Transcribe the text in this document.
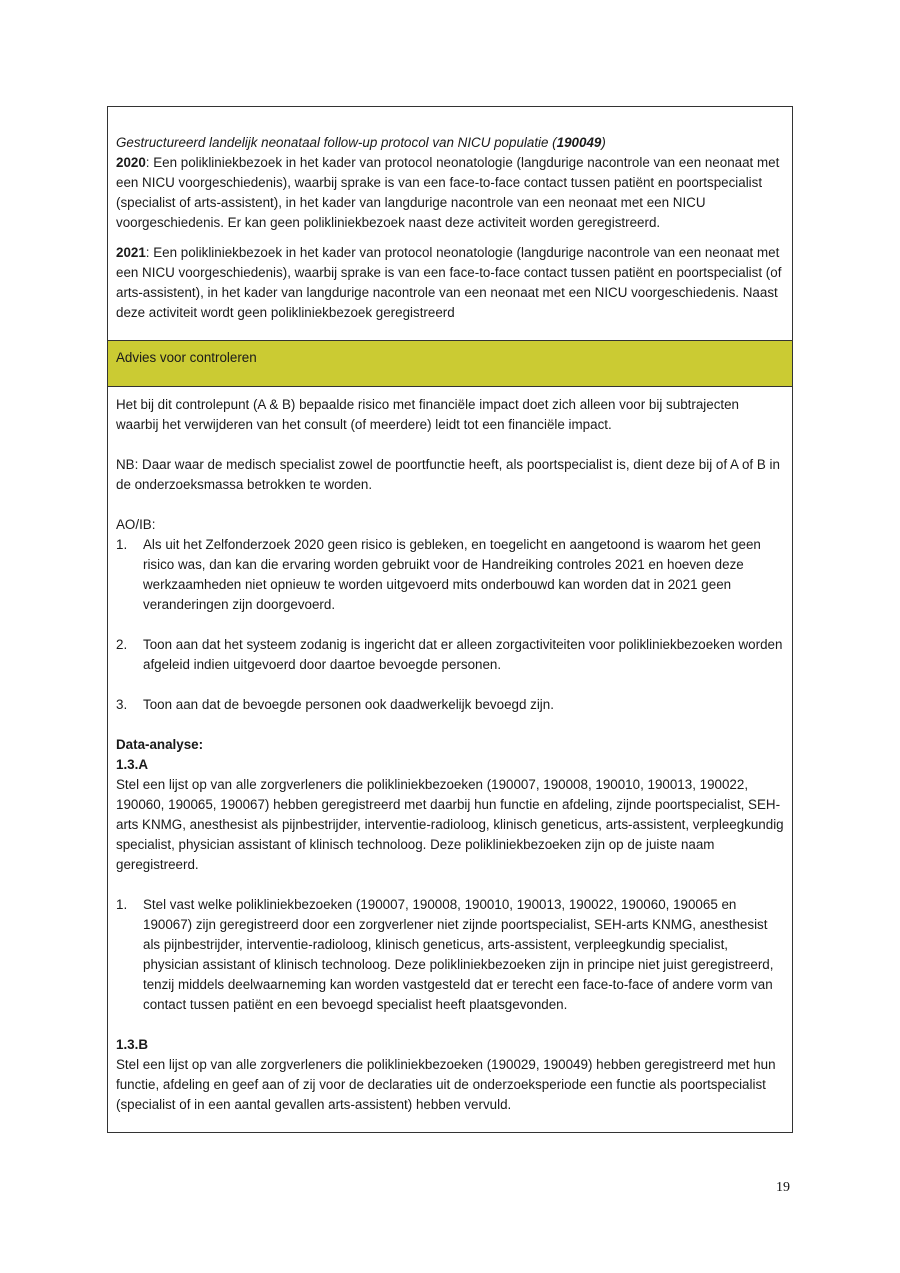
Gestructureerd landelijk neonataal follow-up protocol van NICU populatie (190049)

2020: Een polikliniekbezoek in het kader van protocol neonatologie (langdurige nacontrole van een neonaat met een NICU voorgeschiedenis), waarbij sprake is van een face-to-face contact tussen patiënt en poortspecialist (specialist of arts-assistent), in het kader van langdurige nacontrole van een neonaat met een NICU voorgeschiedenis. Er kan geen polikliniekbezoek naast deze activiteit worden geregistreerd.

2021: Een polikliniekbezoek in het kader van protocol neonatologie (langdurige nacontrole van een neonaat met een NICU voorgeschiedenis), waarbij sprake is van een face-to-face contact tussen patiënt en poortspecialist (of arts-assistent), in het kader van langdurige nacontrole van een neonaat met een NICU voorgeschiedenis. Naast deze activiteit wordt geen polikliniekbezoek geregistreerd

Advies voor controleren

Het bij dit controlepunt (A & B) bepaalde risico met financiële impact doet zich alleen voor bij subtrajecten waarbij het verwijderen van het consult (of meerdere) leidt tot een financiële impact.

NB: Daar waar de medisch specialist zowel de poortfunctie heeft, als poortspecialist is, dient deze bij of A of B in de onderzoeksmassa betrokken te worden.

AO/IB:

1.	Als uit het Zelfonderzoek 2020 geen risico is gebleken, en toegelicht en aangetoond is waarom het geen risico was, dan kan die ervaring worden gebruikt voor de Handreiking controles 2021 en hoeven deze werkzaamheden niet opnieuw te worden uitgevoerd mits onderbouwd kan worden dat in 2021 geen veranderingen zijn doorgevoerd.
2.	Toon aan dat het systeem zodanig is ingericht dat er alleen zorgactiviteiten voor polikliniekbezoeken worden afgeleid indien uitgevoerd door daartoe bevoegde personen.
3.	Toon aan dat de bevoegde personen ook daadwerkelijk bevoegd zijn.

Data-analyse:

1.3.A

Stel een lijst op van alle zorgverleners die polikliniekbezoeken (190007, 190008, 190010, 190013, 190022, 190060, 190065, 190067) hebben geregistreerd met daarbij hun functie en afdeling, zijnde poortspecialist, SEH-arts KNMG, anesthesist als pijnbestrijder, interventie-radioloog, klinisch geneticus, arts-assistent, verpleegkundig specialist, physician assistant of klinisch technoloog. Deze polikliniekbezoeken zijn op de juiste naam geregistreerd.

1.	Stel vast welke polikliniekbezoeken (190007, 190008, 190010, 190013, 190022, 190060, 190065 en 190067) zijn geregistreerd door een zorgverlener niet zijnde poortspecialist, SEH-arts KNMG, anesthesist als pijnbestrijder, interventie-radioloog, klinisch geneticus, arts-assistent, verpleegkundig specialist, physician assistant of klinisch technoloog. Deze polikliniekbezoeken zijn in principe niet juist geregistreerd, tenzij middels deelwaarneming kan worden vastgesteld dat er terecht een face-to-face of andere vorm van contact tussen patiënt en een bevoegd specialist heeft plaatsgevonden.

1.3.B

Stel een lijst op van alle zorgverleners die polikliniekbezoeken (190029, 190049) hebben geregistreerd met hun functie, afdeling en geef aan of zij voor de declaraties uit de onderzoeksperiode een functie als poortspecialist (specialist of in een aantal gevallen arts-assistent) hebben vervuld.

19
